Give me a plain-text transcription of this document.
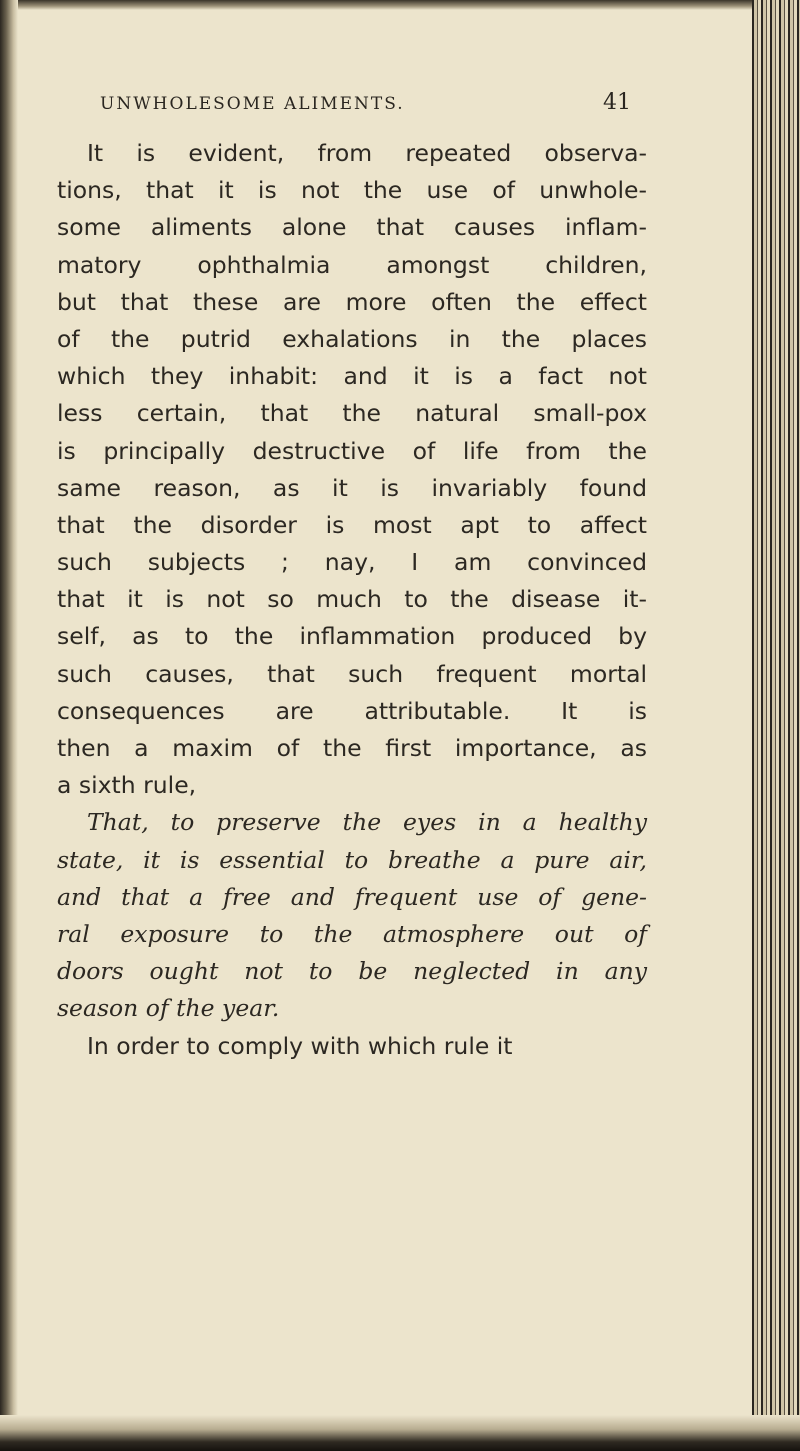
UNWHOLESOME ALIMENTS.	41
It is evident, from repeated observa-
tions, that it is not the use of unwhole-
some aliments alone that causes inflam-
matory ophthalmia amongst children,
but that these are more often the effect
of the putrid exhalations in the places
which they inhabit: and it is a fact not
less certain, that the natural small-pox
is principally destructive of life from the
same reason, as it is invariably found
that the disorder is most apt to affect
such subjects ; nay, I am convinced
that it is not so much to the disease it-
self, as to the inflammation produced by
such causes, that such frequent mortal
consequences are attributable. It is
then a maxim of the first importance, as
a sixth rule,
That, to preserve the eyes in a healthy
state, it is essential to breathe a pure air,
and that a free and frequent use of gene-
ral exposure to the atmosphere out of
doors ought not to be neglected in any
season of the year.
In order to comply with which rule it
